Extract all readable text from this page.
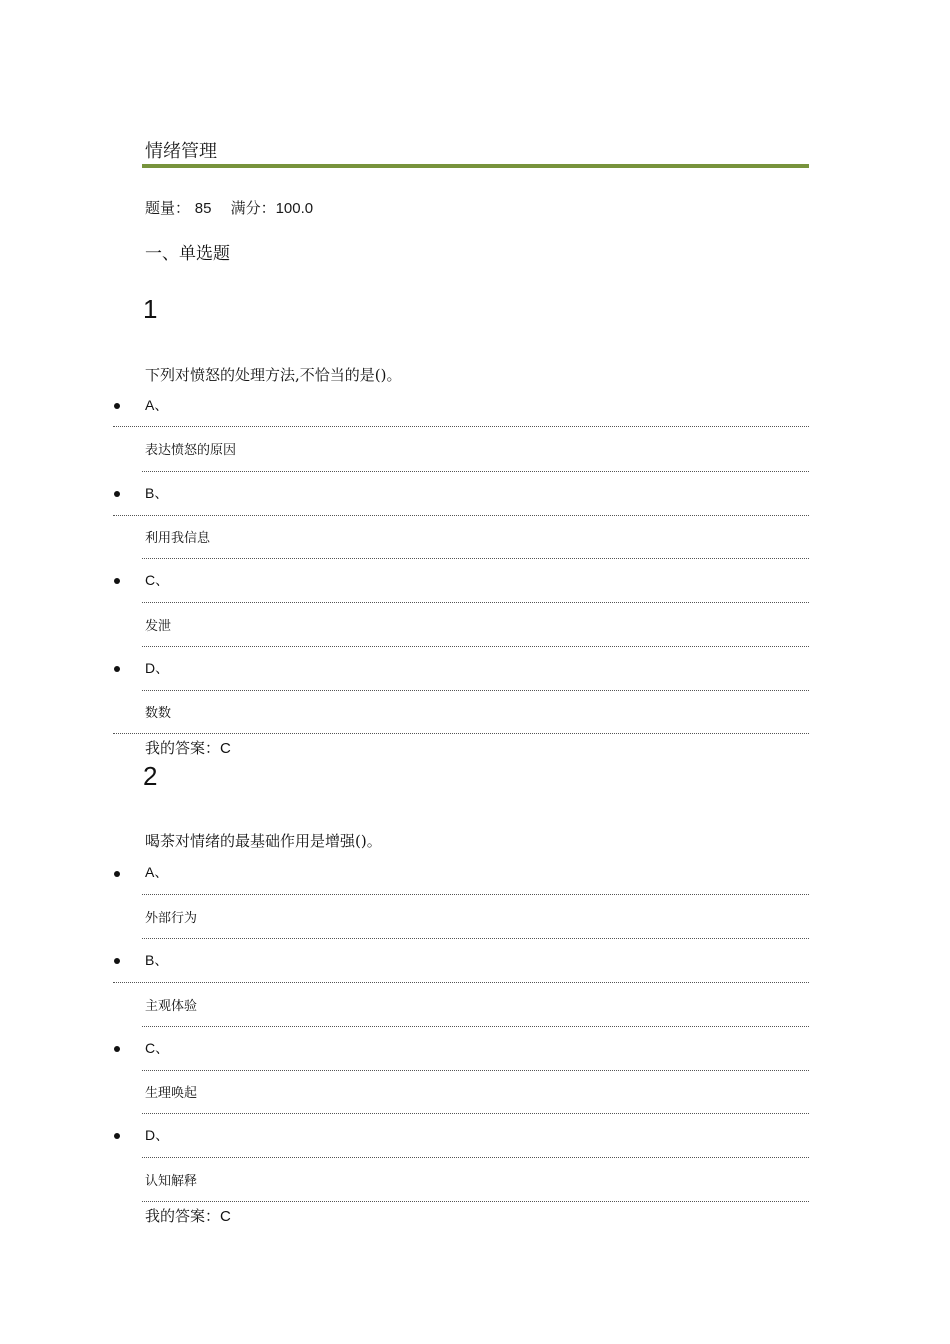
情绪管理
题量： 85 满分：100.0
一、单选题
1
下列对愤怒的处理方法,不恰当的是()。
A、
表达愤怒的原因
B、
利用我信息
C、
发泄
D、
数数
我的答案：C
2
喝茶对情绪的最基础作用是增强()。
A、
外部行为
B、
主观体验
C、
生理唤起
D、
认知解释
我的答案：C
